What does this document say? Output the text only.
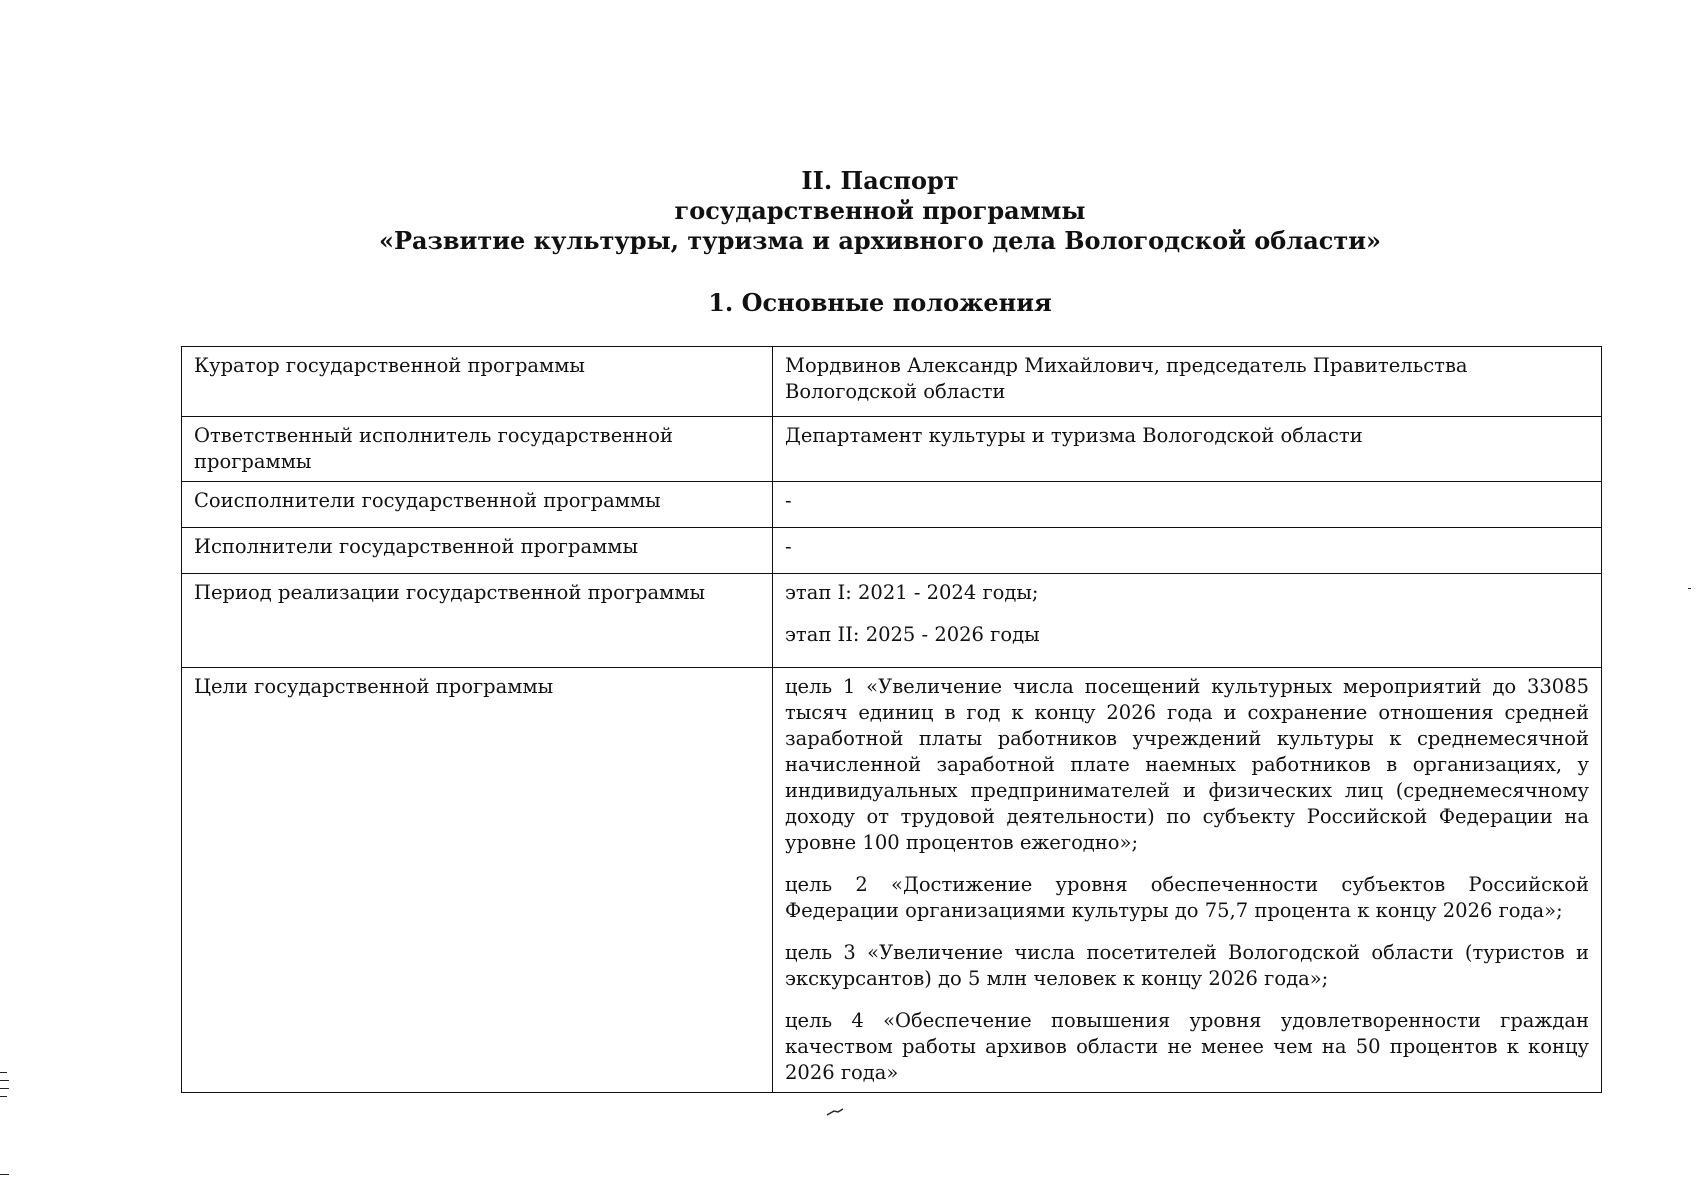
II. Паспорт
государственной программы
«Развитие культуры, туризма и архивного дела Вологодской области»
1. Основные положения
Куратор государственной программы	Мордвинов Александр Михайлович, председатель Правительства Вологодской области
Ответственный исполнитель государственной программы	Департамент культуры и туризма Вологодской области
Соисполнители государственной программы	-
Исполнители государственной программы	-
Период реализации государственной программы	этап I: 2021 - 2024 годы;

этап II: 2025 - 2026 годы

Цели государственной программы	цель 1 «Увеличение числа посещений культурных мероприятий до 33085 тысяч единиц в год к концу 2026 года и сохранение отношения средней заработной платы работников учреждений культуры к среднемесячной начисленной заработной плате наемных работников в организациях, у индивидуальных предпринимателей и физических лиц (среднемесячному доходу от трудовой деятельности) по субъекту Российской Федерации на уровне 100 процентов ежегодно»;

цель 2 «Достижение уровня обеспеченности субъектов Российской Федерации организациями культуры до 75,7 процента к концу 2026 года»;

цель 3 «Увеличение числа посетителей Вологодской области (туристов и экскурсантов) до 5 млн человек к концу 2026 года»;

цель 4 «Обеспечение повышения уровня удовлетворенности граждан качеством работы архивов области не менее чем на 50 процентов к концу 2026 года»
